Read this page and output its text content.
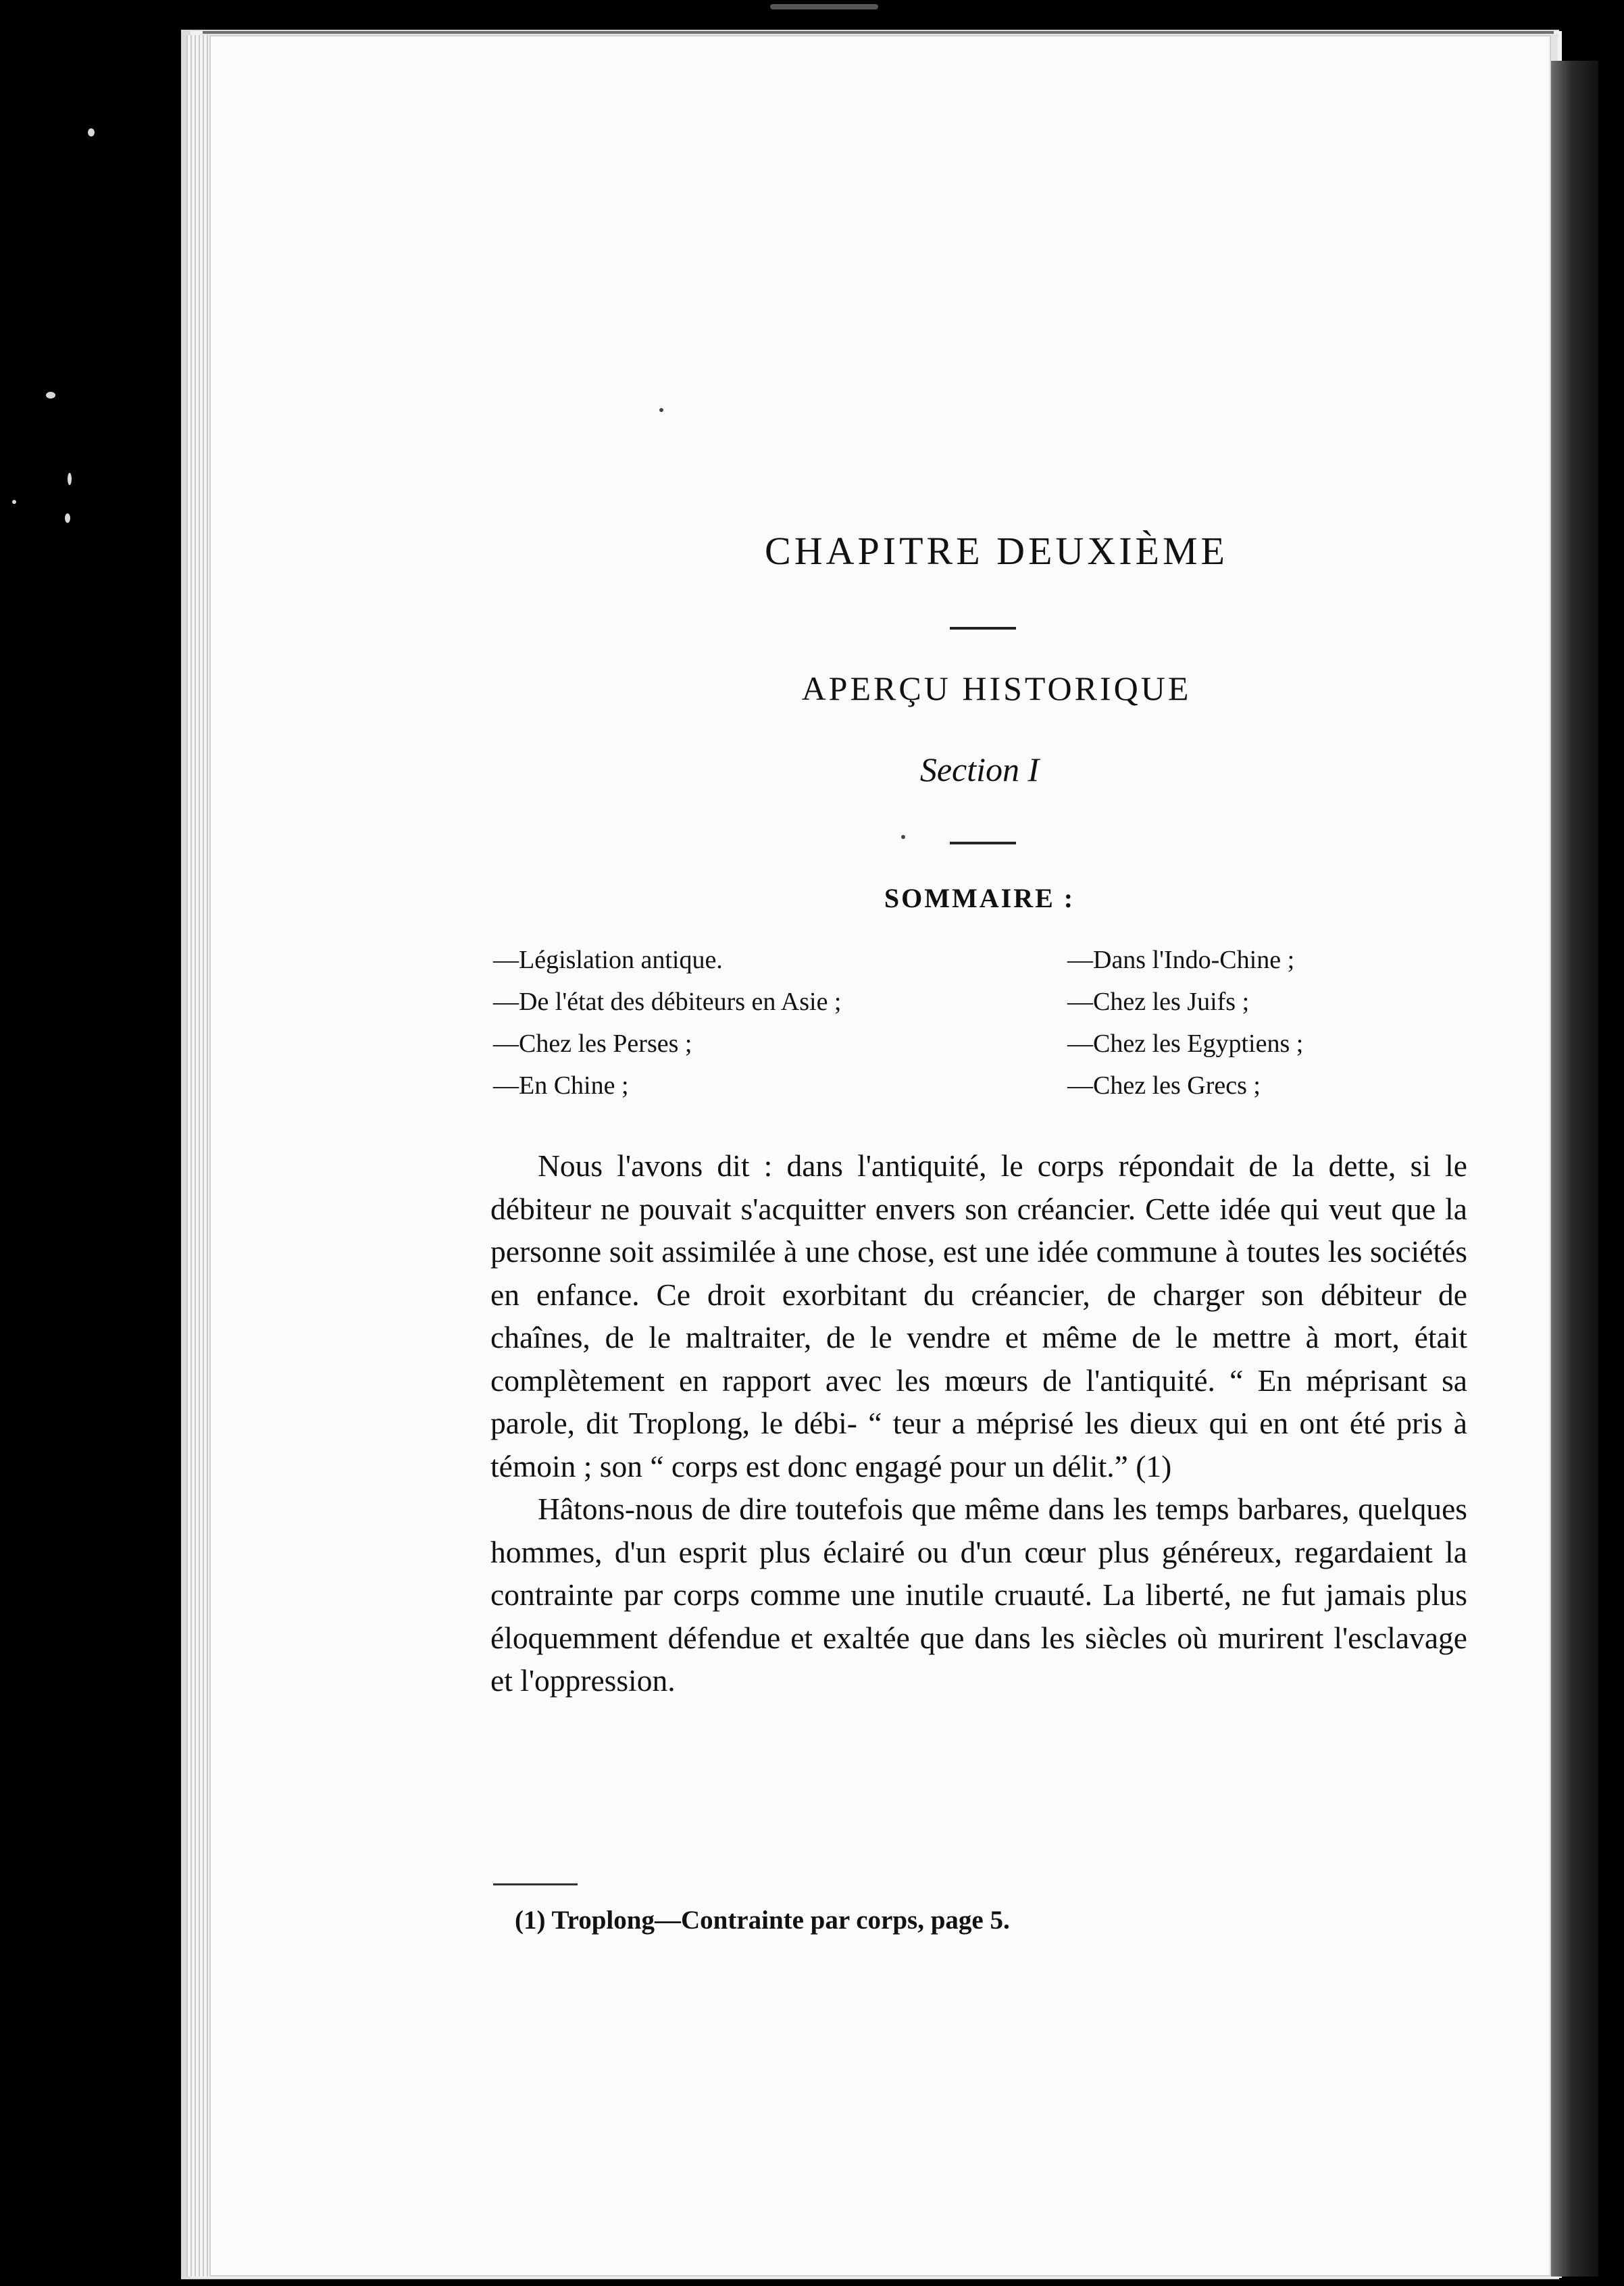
CHAPITRE DEUXIÈME
APERÇU HISTORIQUE
Section I
SOMMAIRE :
—Législation antique.
—De l'état des débiteurs en Asie ;
—Chez les Perses ;
—En Chine ;
—Dans l'Indo-Chine ;
—Chez les Juifs ;
—Chez les Egyptiens ;
—Chez les Grecs ;

Nous l'avons dit : dans l'antiquité, le corps répondait de la dette, si le débiteur ne pouvait s'acquitter envers son créancier. Cette idée qui veut que la personne soit assimilée à une chose, est une idée commune à toutes les sociétés en enfance. Ce droit exorbitant du créancier, de charger son débiteur de chaînes, de le maltraiter, de le vendre et même de le mettre à mort, était complètement en rapport avec les mœurs de l'antiquité. “ En méprisant sa parole, dit Troplong, le débi- “ teur a méprisé les dieux qui en ont été pris à témoin ; son “ corps est donc engagé pour un délit.” (1)

Hâtons-nous de dire toutefois que même dans les temps barbares, quelques hommes, d'un esprit plus éclairé ou d'un cœur plus généreux, regardaient la contrainte par corps comme une inutile cruauté. La liberté, ne fut jamais plus éloquemment défendue et exaltée que dans les siècles où murirent l'esclavage et l'oppression.

(1) Troplong—Contrainte par corps, page 5.
